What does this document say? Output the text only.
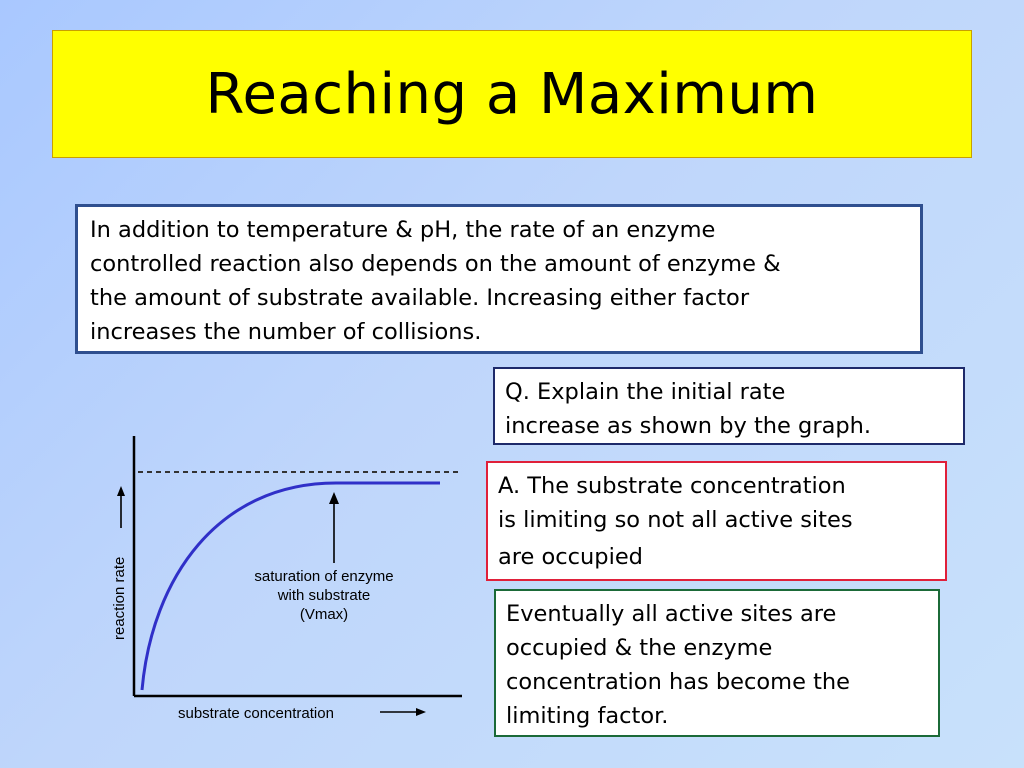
Reaching a Maximum
In addition to temperature & pH, the rate of an enzyme
controlled reaction also depends on the amount of enzyme &
the amount of substrate available. Increasing either factor
increases the number of collisions.
Q. Explain the initial rate
increase as shown by the graph.
A. The substrate concentration
is limiting so not all active sites
are occupied
Eventually all active sites are
occupied & the enzyme
concentration has become the
limiting factor.
reaction rate
substrate concentration
saturation of enzyme
with substrate
(Vmax)
